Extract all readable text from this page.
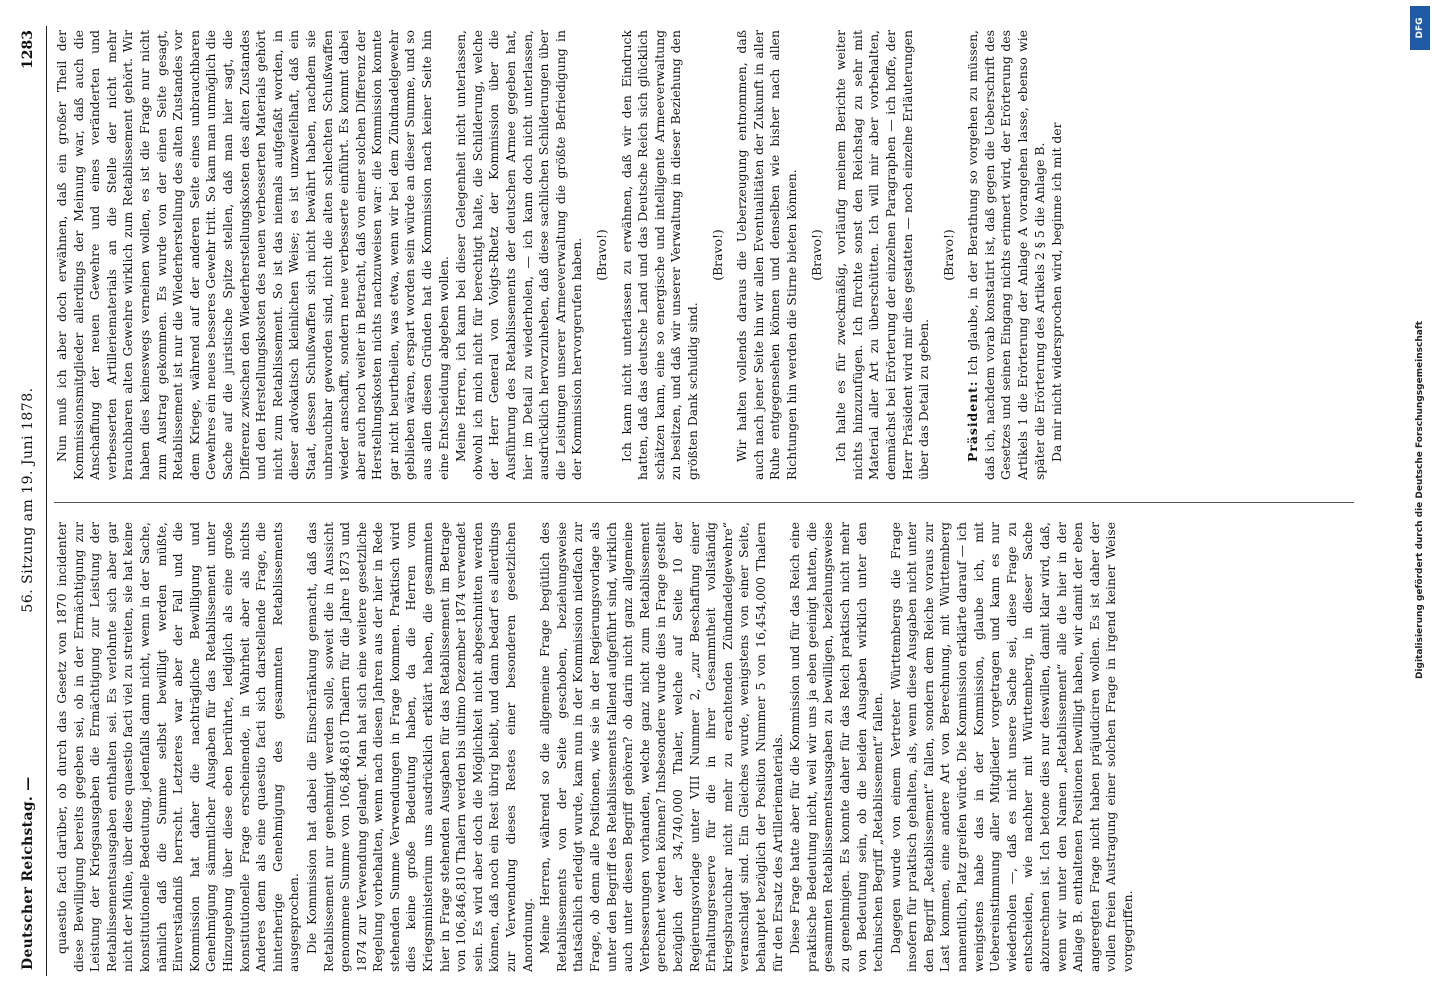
Deutscher Reichstag. —
56. Sitzung am 19. Juni 1878.
1283

quaestio facti darüber, ob durch das Gesetz von 1870 incidenter diese Bewilligung bereits gegeben sei, ob in der Ermächtigung zur Leistung der Kriegsausgaben die Ermächtigung zur Leistung der Retablissementsausgaben enthalten sei. Es verlohnte sich aber gar nicht der Mühe, über diese quaestio facti viel zu streiten, sie hat keine konstitutionelle Bedeutung, jedenfalls dann nicht, wenn in der Sache, nämlich daß die Summe selbst bewilligt werden müßte, Einverständniß herrscht. Letzteres war aber der Fall und die Kommission hat daher die nachträgliche Bewilligung und Genehmigung sämmtlicher Ausgaben für das Retablissement unter Hinzugebung über diese eben berührte, lediglich als eine große konstitutionelle Frage erscheinende, in Wahrheit aber als nichts Anderes denn als eine quaestio facti sich darstellende Frage, die hinterherige Genehmigung des gesammten Retablissements ausgesprochen. Die Kommission hat dabei die Einschränkung gemacht, daß das Retablissement nur genehmigt werden solle, soweit die in Aussicht genommene Summe von 106,846,810 Thalern für die Jahre 1873 und 1874 zur Verwendung gelangt. Man hat sich eine weitere gesetzliche Regelung vorbehalten, wenn nach diesen Jahren aus der hier in Rede stehenden Summe Verwendungen in Frage kommen. Praktisch wird dies keine große Bedeutung haben, da die Herren vom Kriegsministerium uns ausdrücklich erklärt haben, die gesammten hier in Frage stehenden Ausgaben für das Retablissement im Betrage von 106,846,810 Thalern werden bis ultimo Dezember 1874 verwendet sein. Es wird aber doch die Möglichkeit nicht abgeschnitten werden können, daß noch ein Rest übrig bleibt, und dann bedarf es allerdings zur Verwendung dieses Restes einer besonderen gesetzlichen Anordnung. Meine Herren, während so die allgemeine Frage begütlich des Retablissements von der Seite geschoben, beziehungsweise thatsächlich erledigt wurde, kam nun in der Kommission niedfach zur Frage, ob denn alle Positionen, wie sie in der Regierungsvorlage als unter den Begriff des Retablissements fallend aufgeführt sind, wirklich auch unter diesen Begriff gehören? ob darin nicht ganz allgemeine Verbesserungen vorhanden, welche ganz nicht zum Retablissement gerechnet werden können? Insbesondere wurde dies in Frage gestellt bezüglich der 34,740,000 Thaler, welche auf Seite 10 der Regierungsvorlage unter VIII Nummer 2, „zur Beschaffung einer Erhaltungsreserve für die in ihrer Gesammtheit vollständig kriegsbrauchbar nicht mehr zu erachtenden Zündnadelgewehre“ veranschlagt sind. Ein Gleiches wurde, wenigstens von einer Seite, behauptet bezüglich der Position Nummer 5 von 16,454,000 Thalern für den Ersatz des Artilleriematerials. Diese Frage hatte aber für die Kommission und für das Reich eine praktische Bedeutung nicht, weil wir uns ja eben geeinigt hatten, die gesammten Retablissementsausgaben zu bewilligen, beziehungsweise zu genehmigen. Es konnte daher für das Reich praktisch nicht mehr von Bedeutung sein, ob die beiden Ausgaben wirklich unter den technischen Begriff „Retablissement“ fallen. Dagegen wurde von einem Vertreter Württembergs die Frage insofern für praktisch gehalten, als, wenn diese Ausgaben nicht unter den Begriff „Retablissement“ fallen, sondern dem Reiche voraus zur Last kommen, eine andere Art von Berechnung, mit Württemberg namentlich, Platz greifen würde. Die Kommission erklärte darauf — ich wenigstens habe das in der Kommission, glaube ich, mit Uebereinstimmung aller Mitglieder vorgetragen und kann es nur wiederholen —, daß es nicht unsere Sache sei, diese Frage zu entscheiden, wie nachher mit Württemberg, in dieser Sache abzurechnen ist. Ich betone dies nur deswillen, damit klar wird, daß, wenn wir unter den Namen „Retablissement“ alle die hier in der Anlage B. enthaltenen Positionen bewilligt haben, wir damit der eben angeregten Frage nicht haben präjudiciren wollen. Es ist daher der vollen freien Austragung einer solchen Frage in irgend keiner Weise vorgegriffen.

Nun muß ich aber doch erwähnen, daß ein großer Theil der Kommissionsmitglieder allerdings der Meinung war, daß auch die Anschaffung der neuen Gewehre und eines veränderten und verbesserten Artilleriematerials an die Stelle der nicht mehr brauchbaren alten Gewehre wirklich zum Retablissement gehört. Wir haben dies keineswegs verneinen wollen, es ist die Frage nur nicht zum Austrag gekommen. Es wurde von der einen Seite gesagt, Retablissement ist nur die Wiederherstellung des alten Zustandes vor dem Kriege, während auf der anderen Seite eines unbrauchbaren Gewehres ein neues besseres Gewehr tritt. So kam man unmöglich die Sache auf die juristische Spitze stellen, daß man hier sagt, die Differenz zwischen den Wiederherstellungskosten des alten Zustandes und den Herstellungskosten des neuen verbesserten Materials gehört nicht zum Retablissement. So ist das niemals aufgefaßt worden, in dieser advokatisch kleinlichen Weise; es ist unzweifelhaft, daß ein Staat, dessen Schußwaffen sich nicht bewährt haben, nachdem sie unbrauchbar geworden sind, nicht die alten schlechten Schußwaffen wieder anschafft, sondern neue verbesserte einführt. Es kommt dabei aber auch noch weiter in Betracht, daß von einer solchen Differenz der Herstellungskosten nichts nachzuweisen war: die Kommission konnte gar nicht beurtheilen, was etwa, wenn wir bei dem Zündnadelgewehr geblieben wären, erspart worden sein würde an dieser Summe, und so aus allen diesen Gründen hat die Kommission nach keiner Seite hin eine Entscheidung abgeben wollen. Meine Herren, ich kann bei dieser Gelegenheit nicht unterlassen, obwohl ich mich nicht für berechtigt halte, die Schilderung, welche der Herr General von Voigts-Rhetz der Kommission über die Ausführung des Retablissements der deutschen Armee gegeben hat, hier im Detail zu wiederholen, — ich kann doch nicht unterlassen, ausdrücklich hervorzuheben, daß diese sachlichen Schilderungen über die Leistungen unserer Armeeverwaltung die größte Befriedigung in der Kommission hervorgerufen haben. (Bravo!) Ich kann nicht unterlassen zu erwähnen, daß wir den Eindruck hatten, daß das deutsche Land und das Deutsche Reich sich glücklich schätzen kann, eine so energische und intelligente Armeeverwaltung zu besitzen, und daß wir unserer Verwaltung in dieser Beziehung den größten Dank schuldig sind.

(Bravo!) Wir halten vollends daraus die Ueberzeugung entnommen, daß auch nach jener Seite hin wir allen Eventualitäten der Zukunft in aller Ruhe entgegensehen können und denselben wie bisher nach allen Richtungen hin werden die Stirne bieten können. (Bravo!) Ich halte es für zweckmäßig, vorläufig meinem Berichte weiter nichts hinzuzufügen. Ich fürchte sonst den Reichstag zu sehr mit Material aller Art zu überschütten. Ich will mir aber vorbehalten, demnächst bei Erörterung der einzelnen Paragraphen — ich hoffe, der Herr Präsident wird mir dies gestatten — noch einzelne Erläuterungen über das Detail zu geben.

(Bravo!)

Präsident: Ich glaube, in der Berathung so vorgehen zu müssen, daß ich, nachdem vorab konstatirt ist, daß gegen die Ueberschrift des Gesetzes und seinen Eingang nichts erinnert wird, der Erörterung des Artikels 1 die Erörterung der Anlage A vorangehen lasse, ebenso wie später die Erörterung des Artikels 2 § 5 die Anlage B. Da mir nicht widersprochen wird, beginne ich mit der

DFG
Digitalisierung gefördert durch die Deutsche Forschungsgemeinschaft
